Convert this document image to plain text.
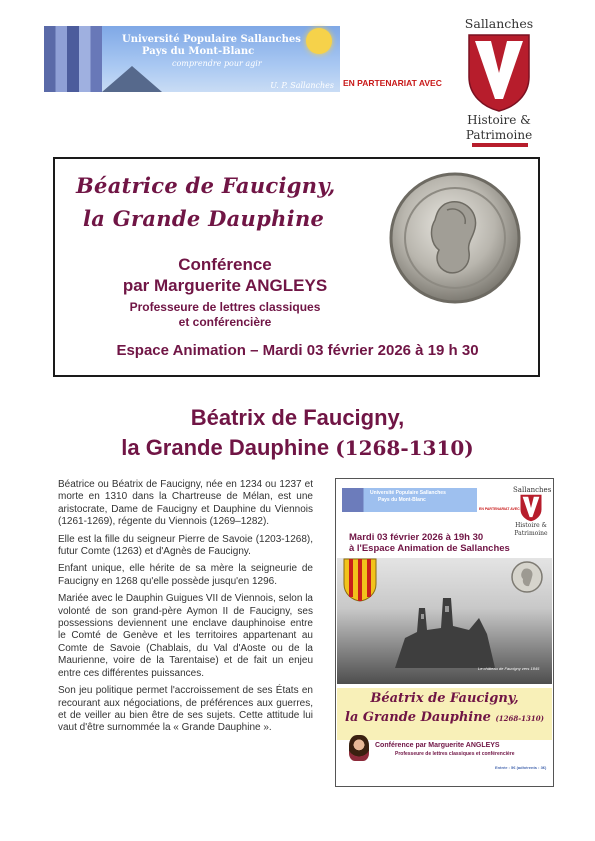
Université Populaire Sallanches
Pays du Mont-Blanc
comprendre pour agir
U. P. Sallanches EN PARTENARIAT AVEC
Sallanches
Histoire &
Patrimoine
Béatrice de Faucigny,
la Grande Dauphine
Conférence
par Marguerite ANGLEYS
Professeure de lettres classiques
et conférencière
Espace Animation – Mardi 03 février 2026 à 19 h 30
Béatrix de Faucigny,
la Grande Dauphine (1268-1310)

Béatrice ou Béatrix de Faucigny, née en 1234 ou 1237 et morte en 1310 dans la Chartreuse de Mélan, est une aristocrate, Dame de Faucigny et Dauphine du Viennois (1261-1269), régente du Viennois (1269–1282).

Elle est la fille du seigneur Pierre de Savoie (1203-1268), futur Comte (1263) et d'Agnès de Faucigny.

Enfant unique, elle hérite de sa mère la seigneurie de Faucigny en 1268 qu'elle possède jusqu'en 1296.

Mariée avec le Dauphin Guigues VII de Viennois, selon la volonté de son grand-père Aymon II de Faucigny, ses possessions deviennent une enclave dauphinoise entre le Comté de Genève et les territoires appartenant au Comte de Savoie (Chablais, du Val d'Aoste ou de la Maurienne, voire de la Tarentaise) et de fait un enjeu entre ces différentes puissances.

Son jeu politique permet l'accroissement de ses États en recourant aux négociations, de préférences aux guerres, et de veiller au bien être de ses sujets. Cette attitude lui vaut d'être surnommée la « Grande Dauphine ».

Université Populaire Sallanches
Pays du Mont-Blanc
EN PARTENARIAT AVEC
Sallanches
Histoire &
Patrimoine
Mardi 03 février 2026 à 19h 30
à l'Espace Animation de Sallanches
Le château de Faucigny vers 1845
Béatrix de Faucigny,
la Grande Dauphine (1268-1310)
Conférence par Marguerite ANGLEYS
Professeure de lettres classiques et conférencière
Entrée : 5€ (adhérents : 3€)
